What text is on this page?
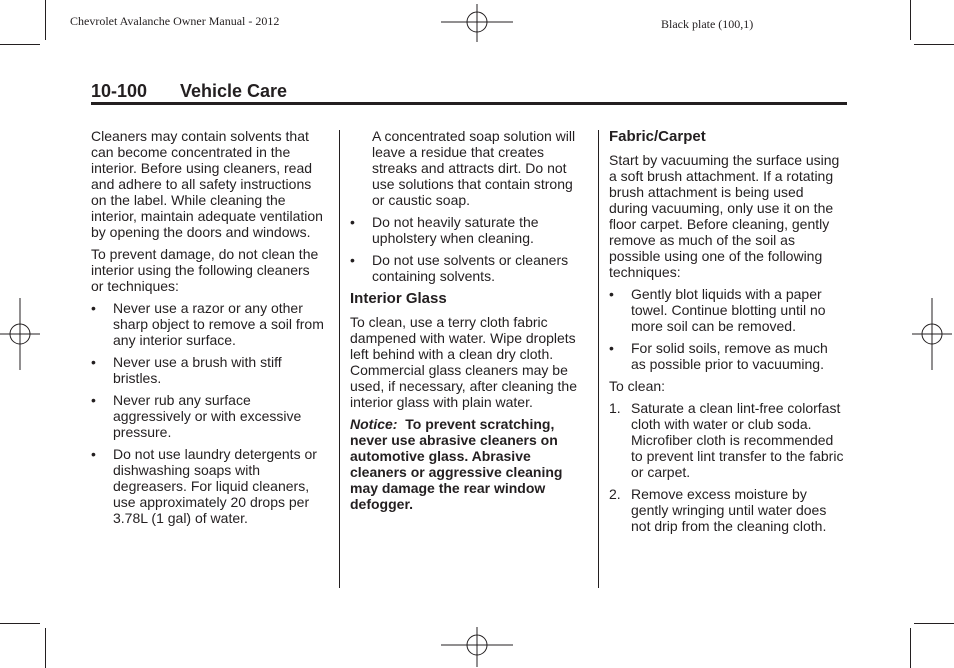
Chevrolet Avalanche Owner Manual - 2012	Black plate (100,1)
10-100 Vehicle Care

Cleaners may contain solvents that can become concentrated in the interior. Before using cleaners, read and adhere to all safety instructions on the label. While cleaning the interior, maintain adequate ventilation by opening the doors and windows.

To prevent damage, do not clean the interior using the following cleaners or techniques:

• Never use a razor or any other sharp object to remove a soil from any interior surface.
• Never use a brush with stiff bristles.
• Never rub any surface aggressively or with excessive pressure.
• Do not use laundry detergents or dishwashing soaps with degreasers. For liquid cleaners, use approximately 20 drops per 3.78L (1 gal) of water.

A concentrated soap solution will leave a residue that creates streaks and attracts dirt. Do not use solutions that contain strong or caustic soap.

• Do not heavily saturate the upholstery when cleaning.
• Do not use solvents or cleaners containing solvents.
Interior Glass

To clean, use a terry cloth fabric dampened with water. Wipe droplets left behind with a clean dry cloth. Commercial glass cleaners may be used, if necessary, after cleaning the interior glass with plain water.

Notice: To prevent scratching, never use abrasive cleaners on automotive glass. Abrasive cleaners or aggressive cleaning may damage the rear window defogger.

Fabric/Carpet

Start by vacuuming the surface using a soft brush attachment. If a rotating brush attachment is being used during vacuuming, only use it on the floor carpet. Before cleaning, gently remove as much of the soil as possible using one of the following techniques:

• Gently blot liquids with a paper towel. Continue blotting until no more soil can be removed.
• For solid soils, remove as much as possible prior to vacuuming.

To clean:

1. Saturate a clean lint-free colorfast cloth with water or club soda. Microfiber cloth is recommended to prevent lint transfer to the fabric or carpet.
2. Remove excess moisture by gently wringing until water does not drip from the cleaning cloth.
